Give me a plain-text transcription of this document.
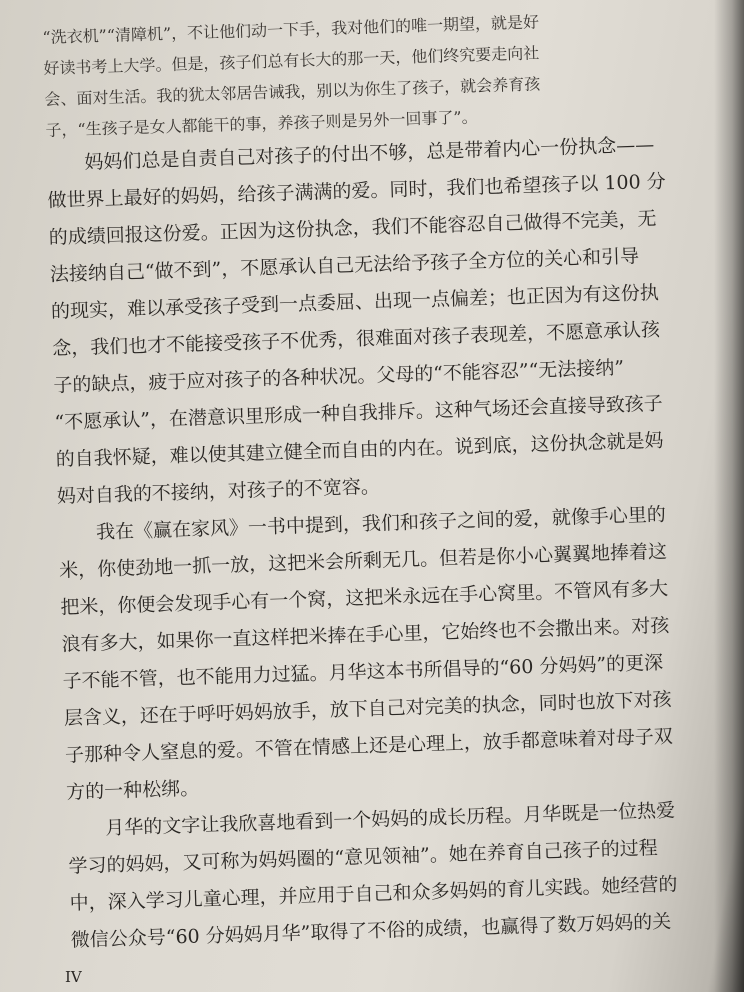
“洗衣机”“清障机”，不让他们动一下手，我对他们的唯一期望，就是好
好读书考上大学。但是，孩子们总有长大的那一天，他们终究要走向社
会、面对生活。我的犹太邻居告诫我，别以为你生了孩子，就会养育孩
子，“生孩子是女人都能干的事，养孩子则是另外一回事了”。
妈妈们总是自责自己对孩子的付出不够，总是带着内心一份执念——
做世界上最好的妈妈，给孩子满满的爱。同时，我们也希望孩子以 100 分
的成绩回报这份爱。正因为这份执念，我们不能容忍自己做得不完美，无
法接纳自己“做不到”，不愿承认自己无法给予孩子全方位的关心和引导
的现实，难以承受孩子受到一点委屈、出现一点偏差；也正因为有这份执
念，我们也才不能接受孩子不优秀，很难面对孩子表现差，不愿意承认孩
子的缺点，疲于应对孩子的各种状况。父母的“不能容忍”“无法接纳”
“不愿承认”，在潜意识里形成一种自我排斥。这种气场还会直接导致孩子
的自我怀疑，难以使其建立健全而自由的内在。说到底，这份执念就是妈
妈对自我的不接纳，对孩子的不宽容。
我在《赢在家风》一书中提到，我们和孩子之间的爱，就像手心里的
米，你使劲地一抓一放，这把米会所剩无几。但若是你小心翼翼地捧着这
把米，你便会发现手心有一个窝，这把米永远在手心窝里。不管风有多大
浪有多大，如果你一直这样把米捧在手心里，它始终也不会撒出来。对孩
子不能不管，也不能用力过猛。月华这本书所倡导的“60 分妈妈”的更深
层含义，还在于呼吁妈妈放手，放下自己对完美的执念，同时也放下对孩
子那种令人窒息的爱。不管在情感上还是心理上，放手都意味着对母子双
方的一种松绑。
月华的文字让我欣喜地看到一个妈妈的成长历程。月华既是一位热爱
学习的妈妈，又可称为妈妈圈的“意见领袖”。她在养育自己孩子的过程
中，深入学习儿童心理，并应用于自己和众多妈妈的育儿实践。她经营的
微信公众号“60 分妈妈月华”取得了不俗的成绩，也赢得了数万妈妈的关
IV
